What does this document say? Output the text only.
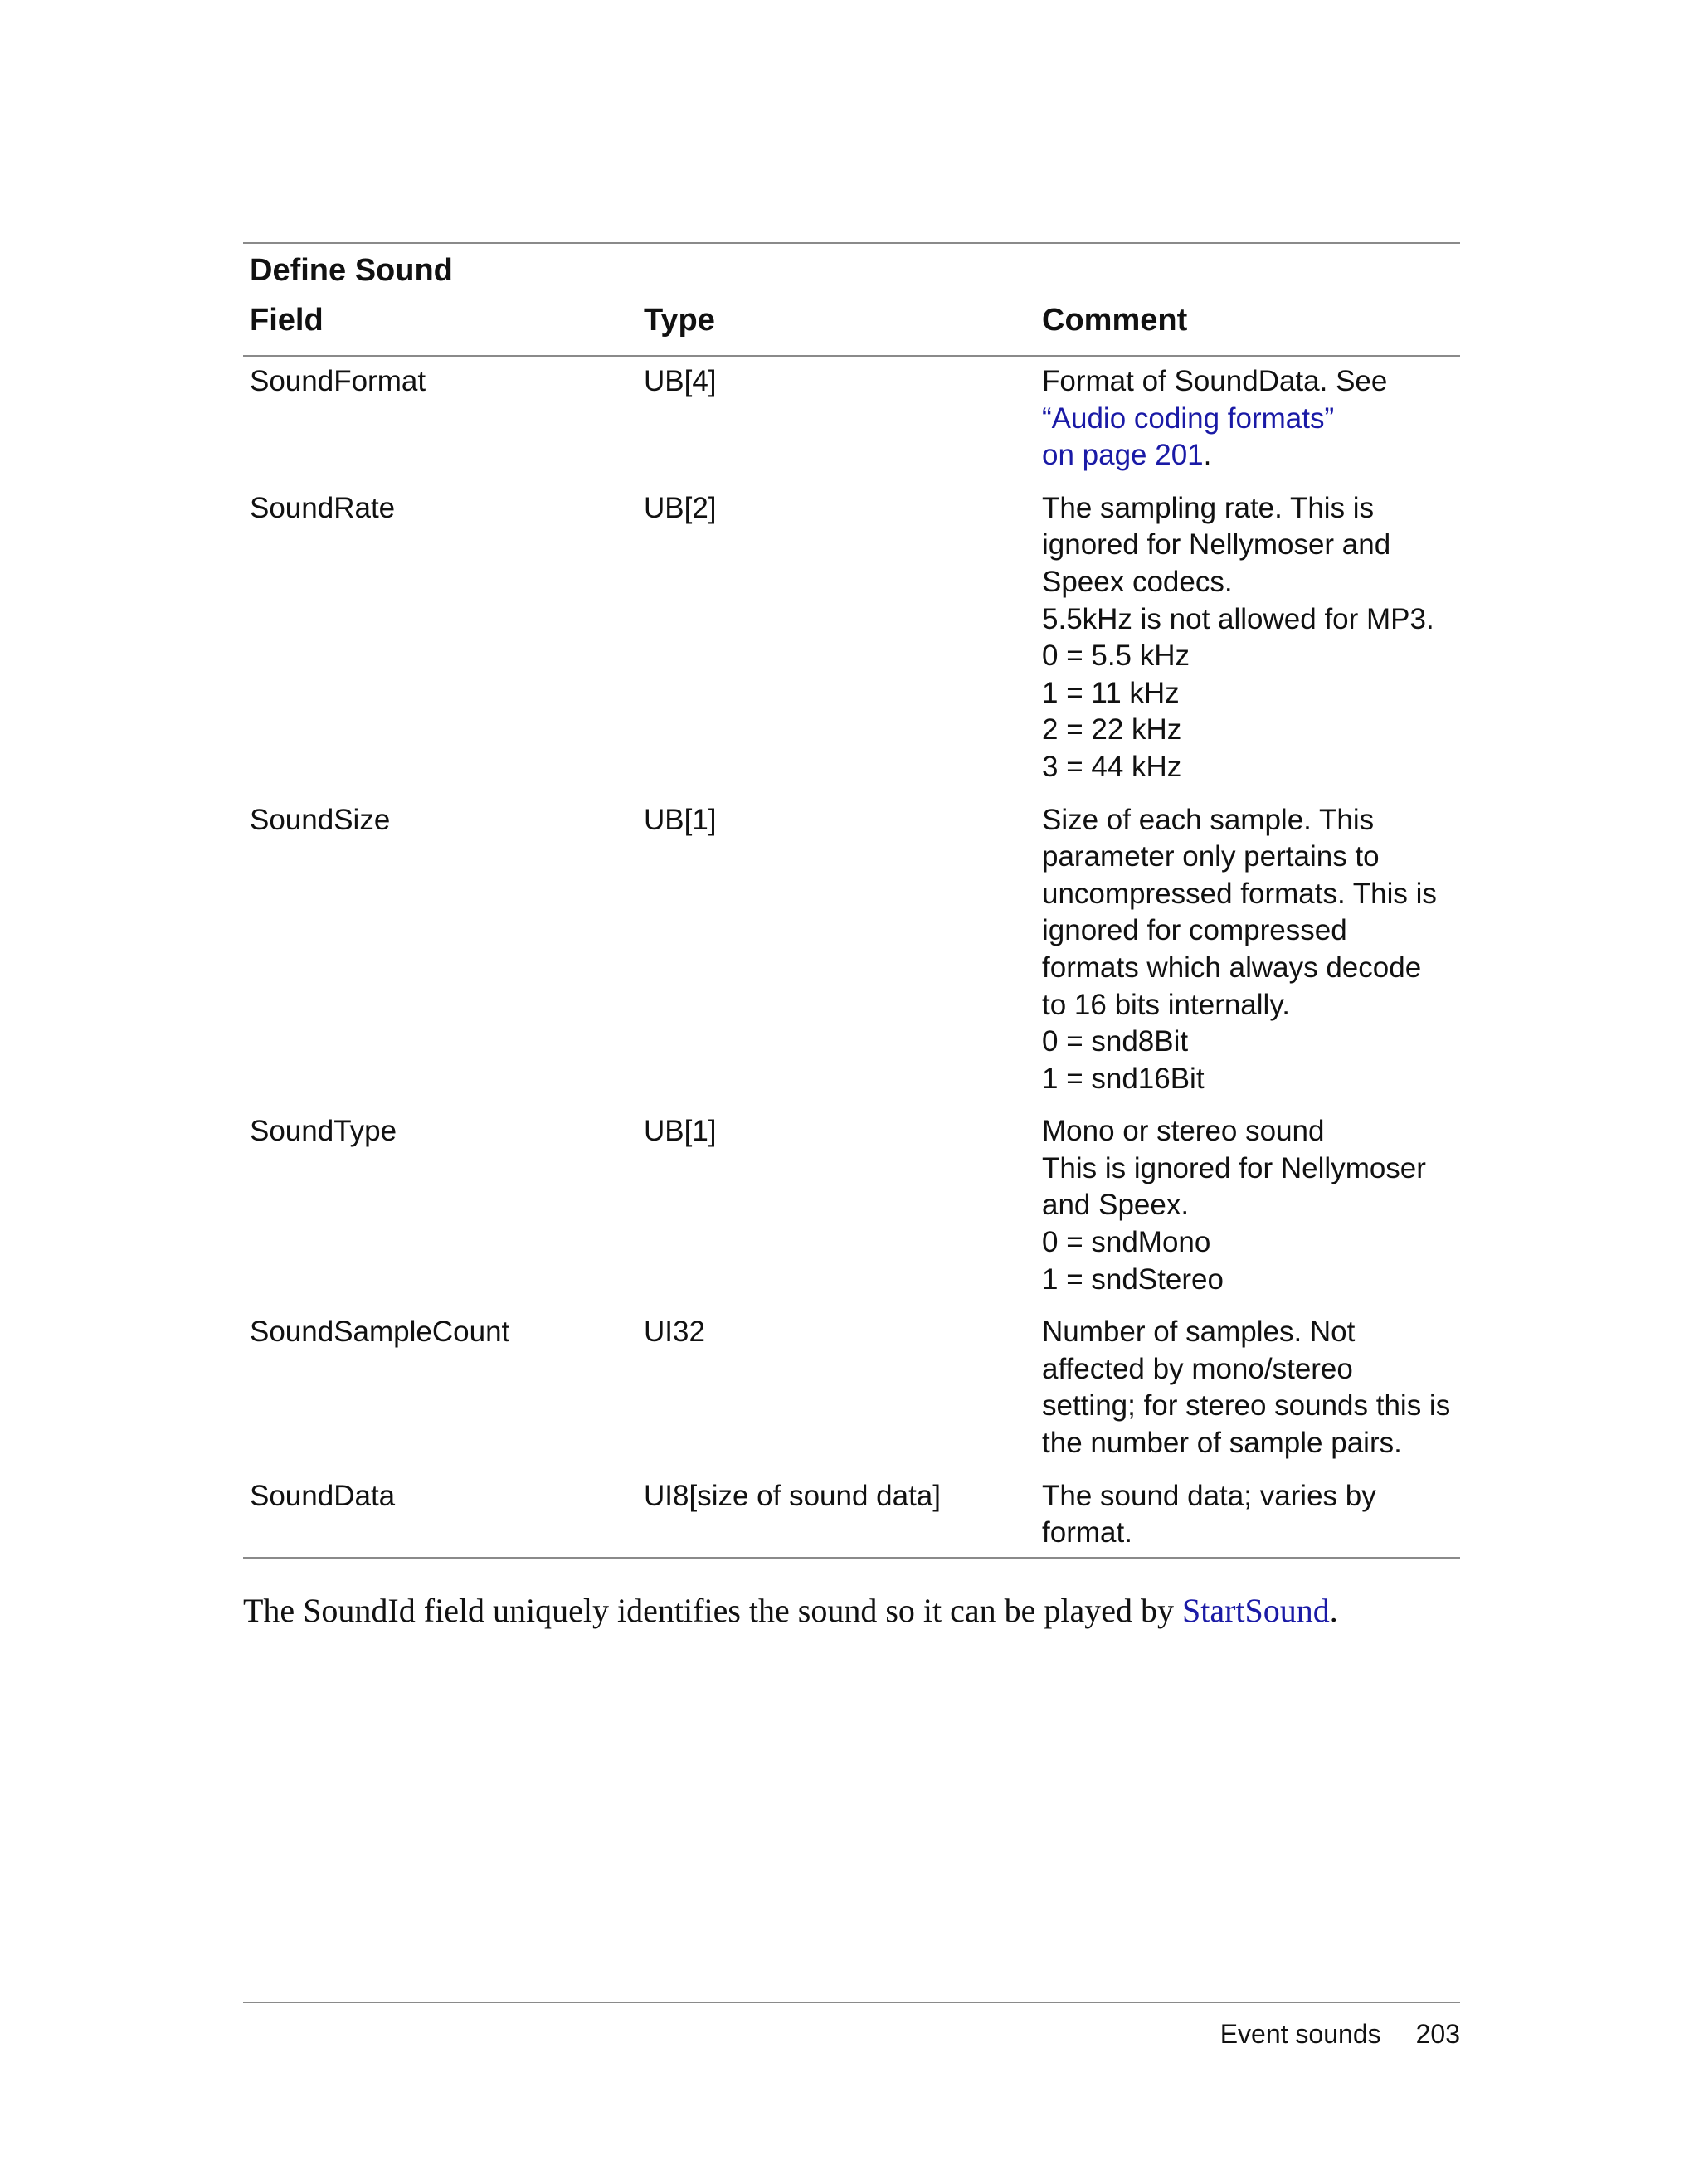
Define Sound
Field	Type	Comment
SoundFormat	UB[4]	Format of SoundData. See
“Audio coding formats”
on page 201.
SoundRate	UB[2]	The sampling rate. This is
ignored for Nellymoser and
Speex codecs.
5.5kHz is not allowed for MP3.
0 = 5.5 kHz
1 = 11 kHz
2 = 22 kHz
3 = 44 kHz
SoundSize	UB[1]	Size of each sample. This
parameter only pertains to
uncompressed formats. This is
ignored for compressed
formats which always decode
to 16 bits internally.
0 = snd8Bit
1 = snd16Bit
SoundType	UB[1]	Mono or stereo sound
This is ignored for Nellymoser
and Speex.
0 = sndMono
1 = sndStereo
SoundSampleCount	UI32	Number of samples. Not
affected by mono/stereo
setting; for stereo sounds this is
the number of sample pairs.
SoundData	UI8[size of sound data]	The sound data; varies by
format.
The SoundId field uniquely identifies the sound so it can be played by StartSound.
Event sounds 203
